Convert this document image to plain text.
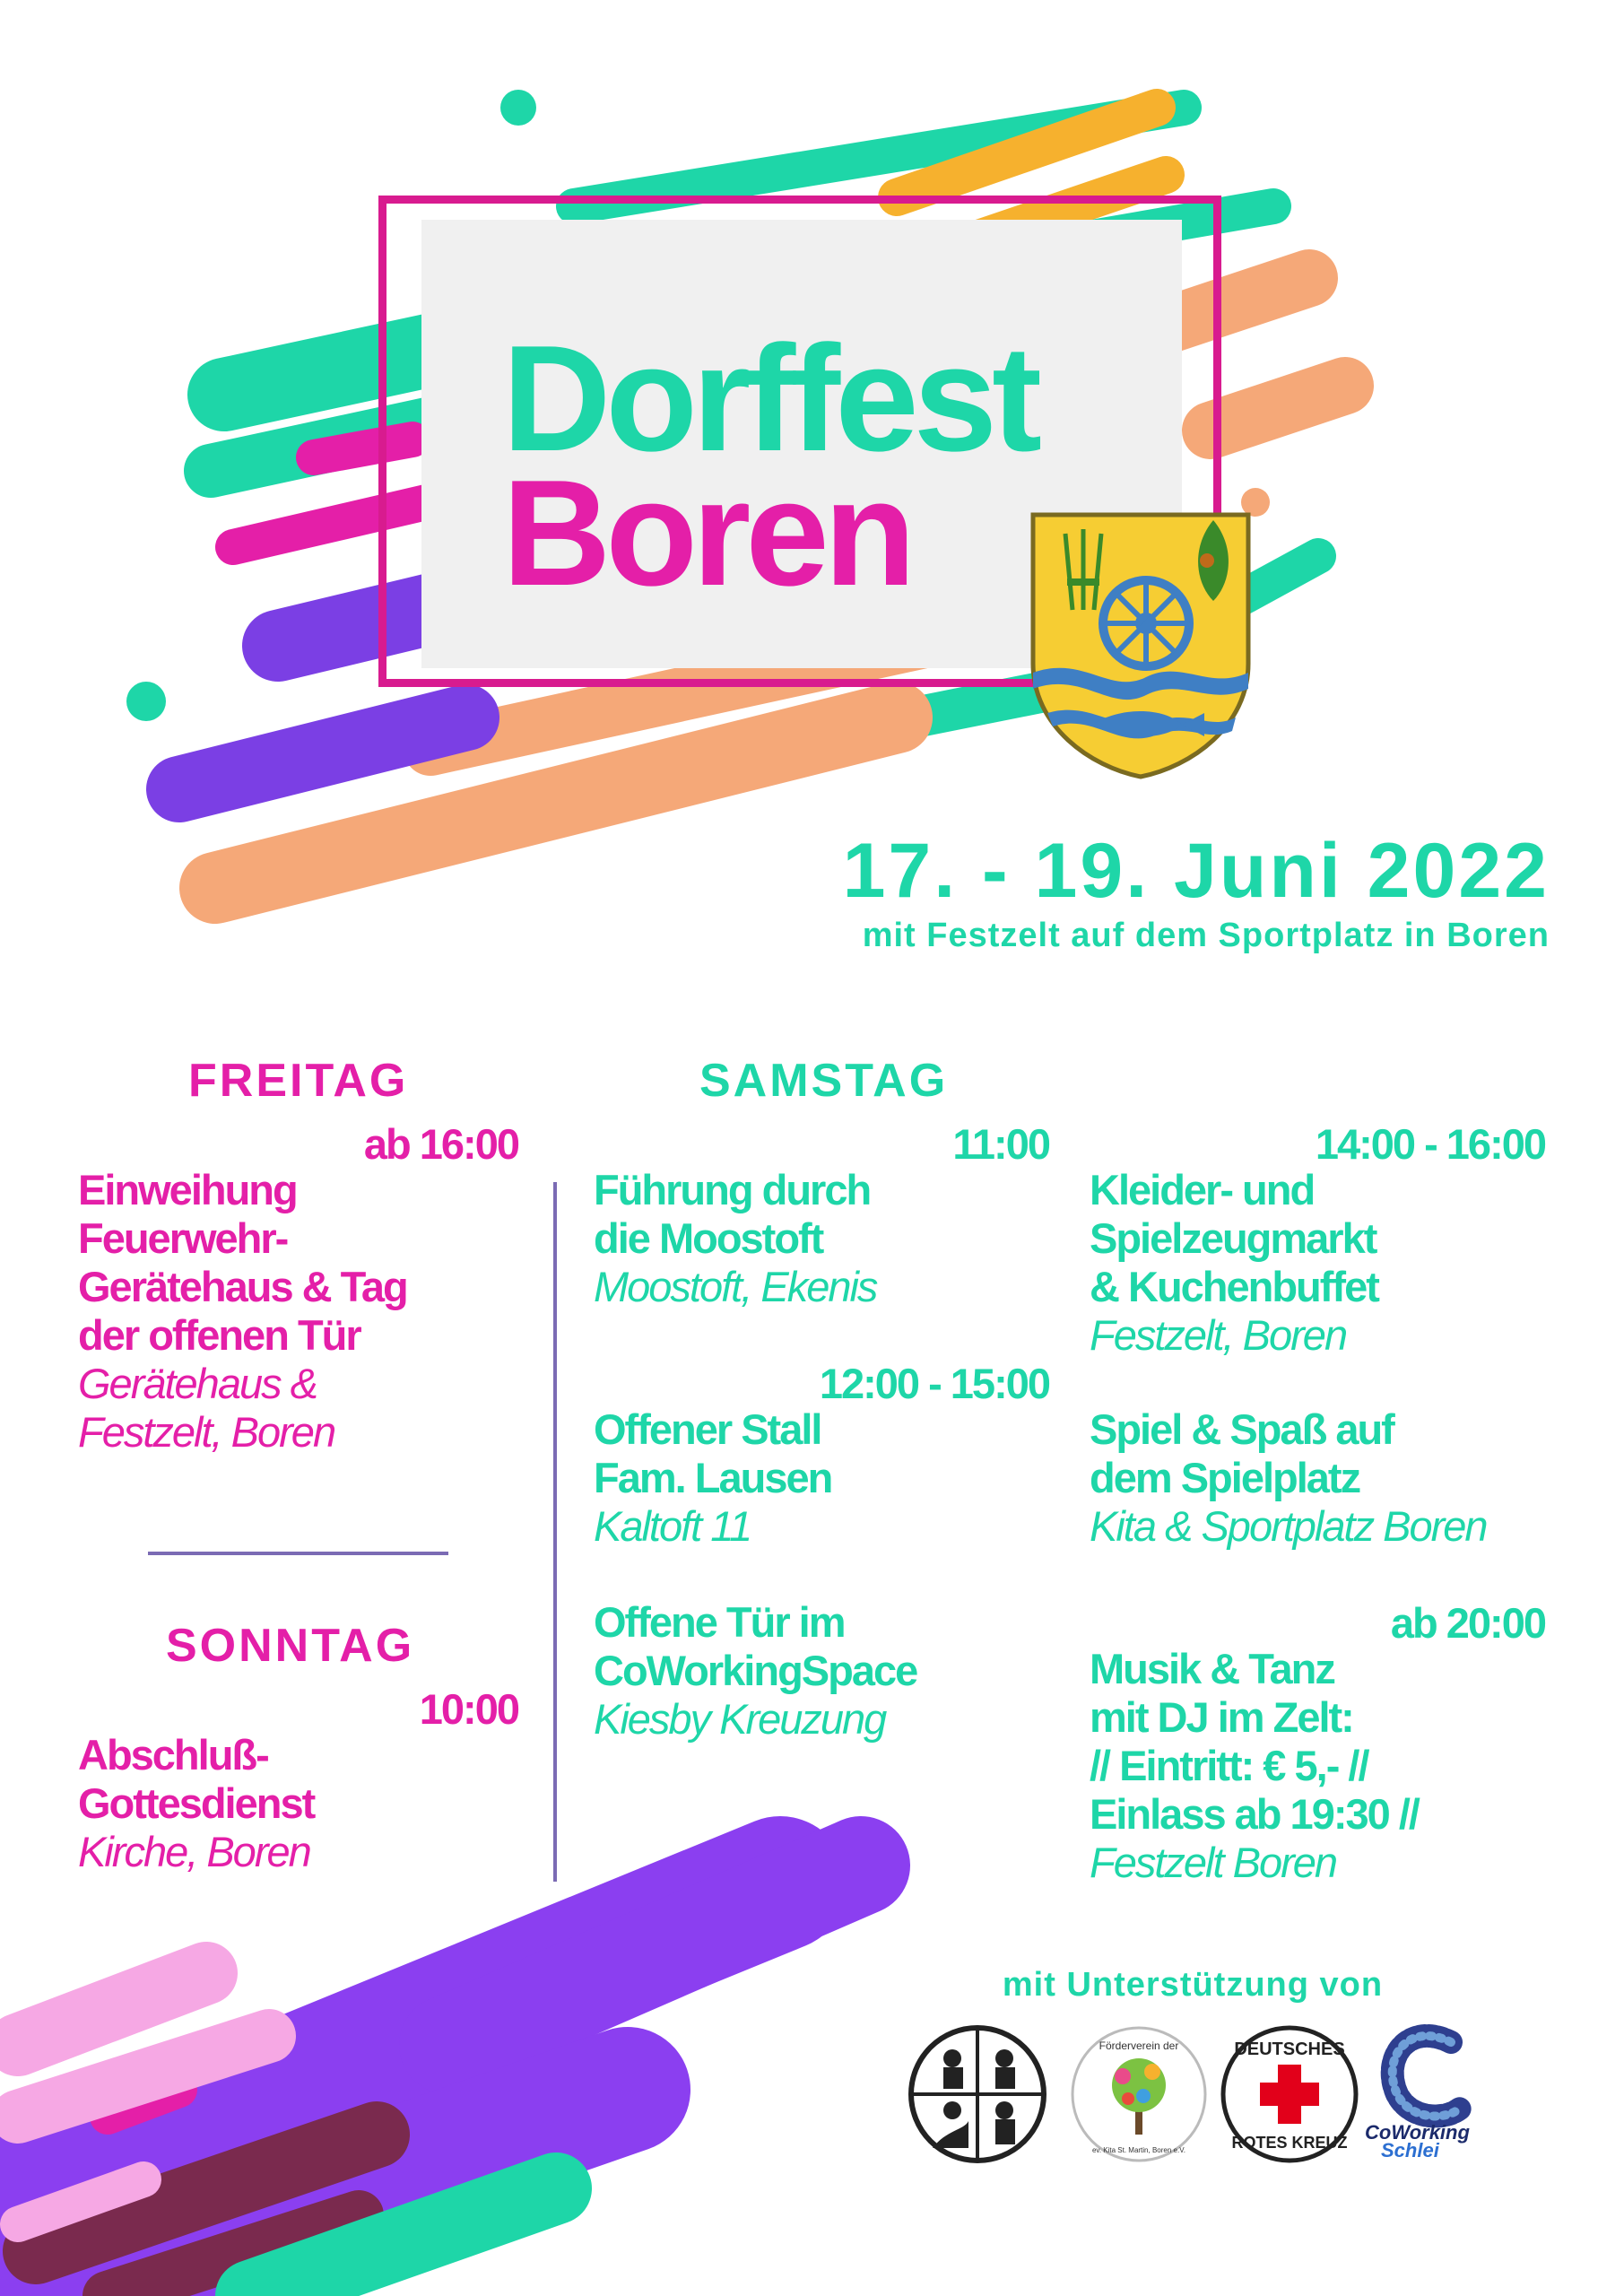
Dorffest
Boren
17. - 19. Juni 2022
mit Festzelt auf dem Sportplatz in Boren
FREITAG
ab 16:00
Einweihung
Feuerwehr-
Gerätehaus & Tag
der offenen Tür
Gerätehaus &
Festzelt, Boren
SONNTAG
10:00
Abschluß-
Gottesdienst
Kirche, Boren
SAMSTAG
11:00
Führung durch
die Moostoft
Moostoft, Ekenis
12:00 - 15:00
Offener Stall
Fam. Lausen
Kaltoft 11
Offene Tür im
CoWorkingSpace
Kiesby Kreuzung
14:00 - 16:00
Kleider- und
Spielzeugmarkt
& Kuchenbuffet
Festzelt, Boren
Spiel & Spaß auf
dem Spielplatz
Kita & Sportplatz Boren
ab 20:00
Musik & Tanz
mit DJ im Zelt:
// Eintritt: € 5,- //
Einlass ab 19:30 //
Festzelt Boren
mit Unterstützung von
Förderverein der
ev. Kita St. Martin, Boren e.V.
DEUTSCHES
ROTES KREUZ CoWorking
Schlei
